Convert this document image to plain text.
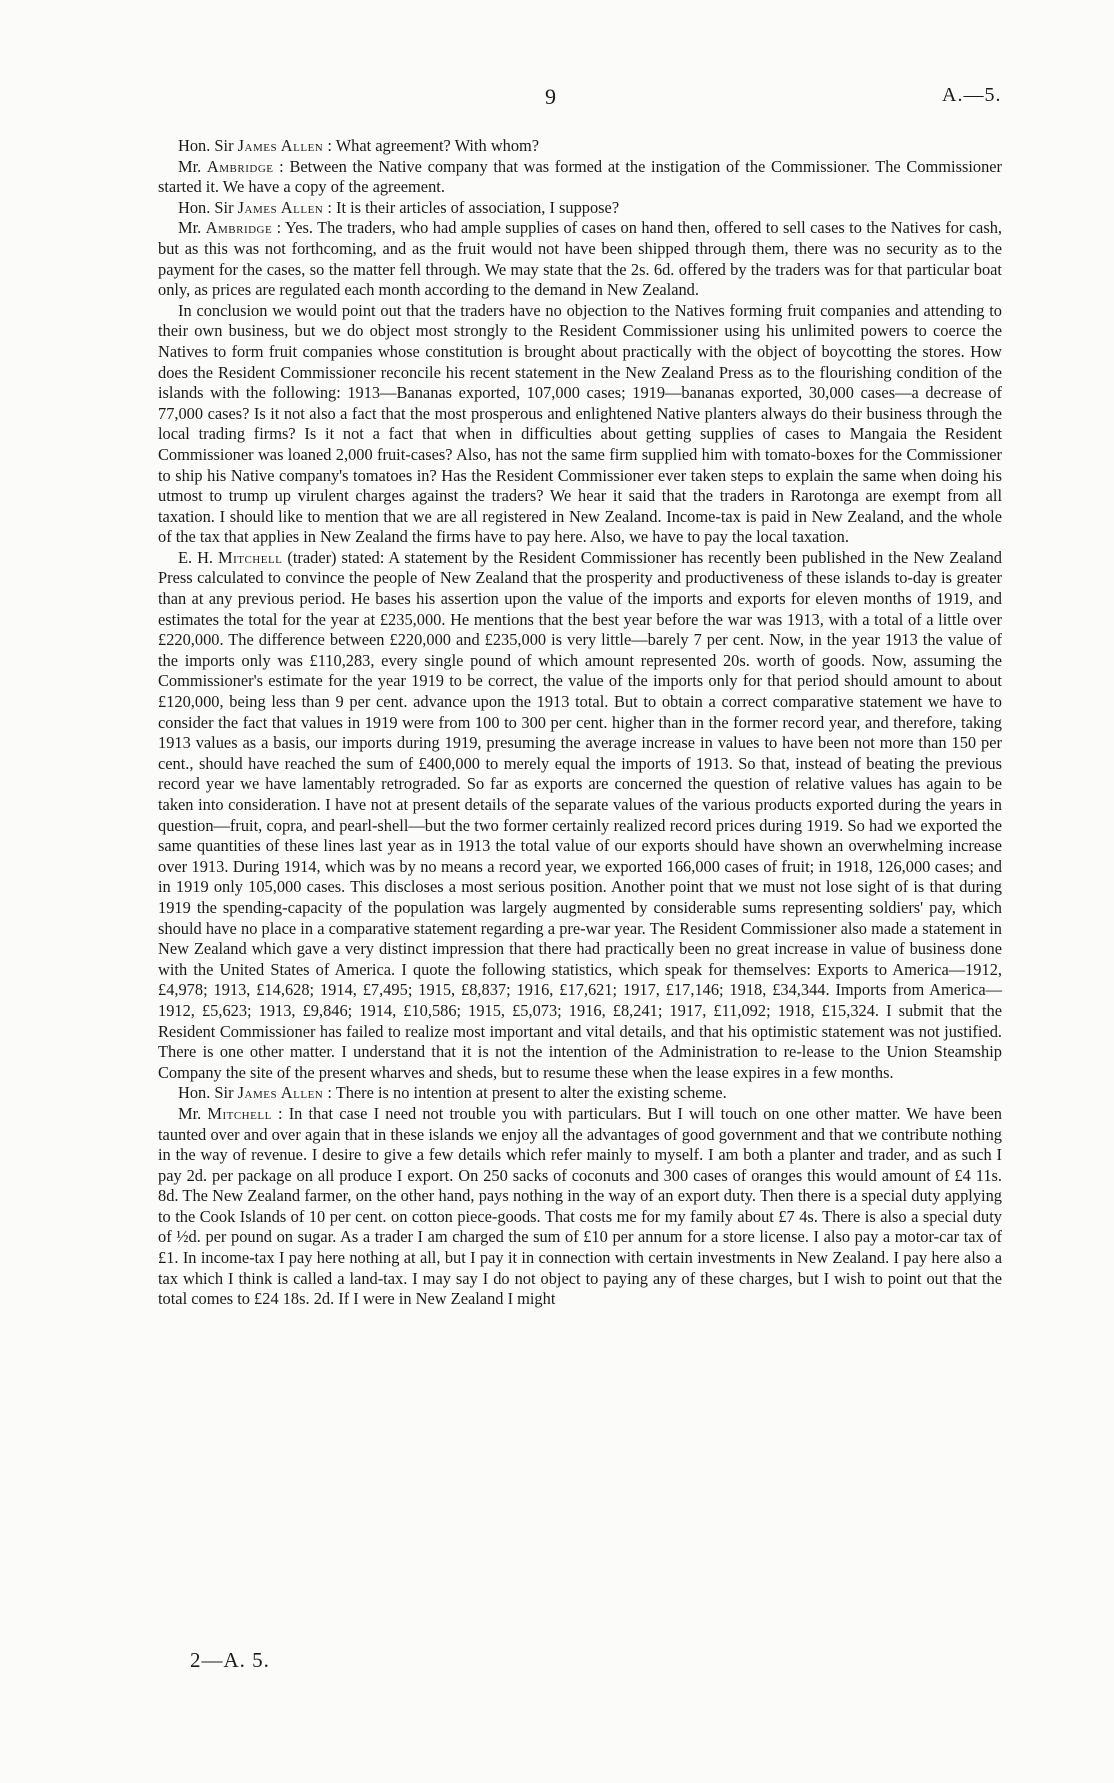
9	A.—5.

Hon. Sir James Allen : What agreement? With whom?

Mr. Ambridge : Between the Native company that was formed at the instigation of the Commissioner. The Commissioner started it. We have a copy of the agreement.

Hon. Sir James Allen : It is their articles of association, I suppose?

Mr. Ambridge : Yes. The traders, who had ample supplies of cases on hand then, offered to sell cases to the Natives for cash, but as this was not forthcoming, and as the fruit would not have been shipped through them, there was no security as to the payment for the cases, so the matter fell through. We may state that the 2s. 6d. offered by the traders was for that particular boat only, as prices are regulated each month according to the demand in New Zealand.

In conclusion we would point out that the traders have no objection to the Natives forming fruit companies and attending to their own business, but we do object most strongly to the Resident Commissioner using his unlimited powers to coerce the Natives to form fruit companies whose constitution is brought about practically with the object of boycotting the stores. How does the Resident Commissioner reconcile his recent statement in the New Zealand Press as to the flourishing condition of the islands with the following: 1913—Bananas exported, 107,000 cases; 1919—bananas exported, 30,000 cases—a decrease of 77,000 cases? Is it not also a fact that the most prosperous and enlightened Native planters always do their business through the local trading firms? Is it not a fact that when in difficulties about getting supplies of cases to Mangaia the Resident Commissioner was loaned 2,000 fruit-cases? Also, has not the same firm supplied him with tomato-boxes for the Commissioner to ship his Native company's tomatoes in? Has the Resident Commissioner ever taken steps to explain the same when doing his utmost to trump up virulent charges against the traders? We hear it said that the traders in Rarotonga are exempt from all taxation. I should like to mention that we are all registered in New Zealand. Income-tax is paid in New Zealand, and the whole of the tax that applies in New Zealand the firms have to pay here. Also, we have to pay the local taxation.

E. H. Mitchell (trader) stated: A statement by the Resident Commissioner has recently been published in the New Zealand Press calculated to convince the people of New Zealand that the prosperity and productiveness of these islands to-day is greater than at any previous period. He bases his assertion upon the value of the imports and exports for eleven months of 1919, and estimates the total for the year at £235,000. He mentions that the best year before the war was 1913, with a total of a little over £220,000. The difference between £220,000 and £235,000 is very little—barely 7 per cent. Now, in the year 1913 the value of the imports only was £110,283, every single pound of which amount represented 20s. worth of goods. Now, assuming the Commissioner's estimate for the year 1919 to be correct, the value of the imports only for that period should amount to about £120,000, being less than 9 per cent. advance upon the 1913 total. But to obtain a correct comparative statement we have to consider the fact that values in 1919 were from 100 to 300 per cent. higher than in the former record year, and therefore, taking 1913 values as a basis, our imports during 1919, presuming the average increase in values to have been not more than 150 per cent., should have reached the sum of £400,000 to merely equal the imports of 1913. So that, instead of beating the previous record year we have lamentably retrograded. So far as exports are concerned the question of relative values has again to be taken into consideration. I have not at present details of the separate values of the various products exported during the years in question—fruit, copra, and pearl-shell—but the two former certainly realized record prices during 1919. So had we exported the same quantities of these lines last year as in 1913 the total value of our exports should have shown an overwhelming increase over 1913. During 1914, which was by no means a record year, we exported 166,000 cases of fruit; in 1918, 126,000 cases; and in 1919 only 105,000 cases. This discloses a most serious position. Another point that we must not lose sight of is that during 1919 the spending-capacity of the population was largely augmented by considerable sums representing soldiers' pay, which should have no place in a comparative statement regarding a pre-war year. The Resident Commissioner also made a statement in New Zealand which gave a very distinct impression that there had practically been no great increase in value of business done with the United States of America. I quote the following statistics, which speak for themselves: Exports to America—1912, £4,978; 1913, £14,628; 1914, £7,495; 1915, £8,837; 1916, £17,621; 1917, £17,146; 1918, £34,344. Imports from America—1912, £5,623; 1913, £9,846; 1914, £10,586; 1915, £5,073; 1916, £8,241; 1917, £11,092; 1918, £15,324. I submit that the Resident Commissioner has failed to realize most important and vital details, and that his optimistic statement was not justified. There is one other matter. I understand that it is not the intention of the Administration to re-lease to the Union Steamship Company the site of the present wharves and sheds, but to resume these when the lease expires in a few months.

Hon. Sir James Allen : There is no intention at present to alter the existing scheme.

Mr. Mitchell : In that case I need not trouble you with particulars. But I will touch on one other matter. We have been taunted over and over again that in these islands we enjoy all the advantages of good government and that we contribute nothing in the way of revenue. I desire to give a few details which refer mainly to myself. I am both a planter and trader, and as such I pay 2d. per package on all produce I export. On 250 sacks of coconuts and 300 cases of oranges this would amount of £4 11s. 8d. The New Zealand farmer, on the other hand, pays nothing in the way of an export duty. Then there is a special duty applying to the Cook Islands of 10 per cent. on cotton piece-goods. That costs me for my family about £7 4s. There is also a special duty of ½d. per pound on sugar. As a trader I am charged the sum of £10 per annum for a store license. I also pay a motor-car tax of £1. In income-tax I pay here nothing at all, but I pay it in connection with certain investments in New Zealand. I pay here also a tax which I think is called a land-tax. I may say I do not object to paying any of these charges, but I wish to point out that the total comes to £24 18s. 2d. If I were in New Zealand I might

2—A. 5.
